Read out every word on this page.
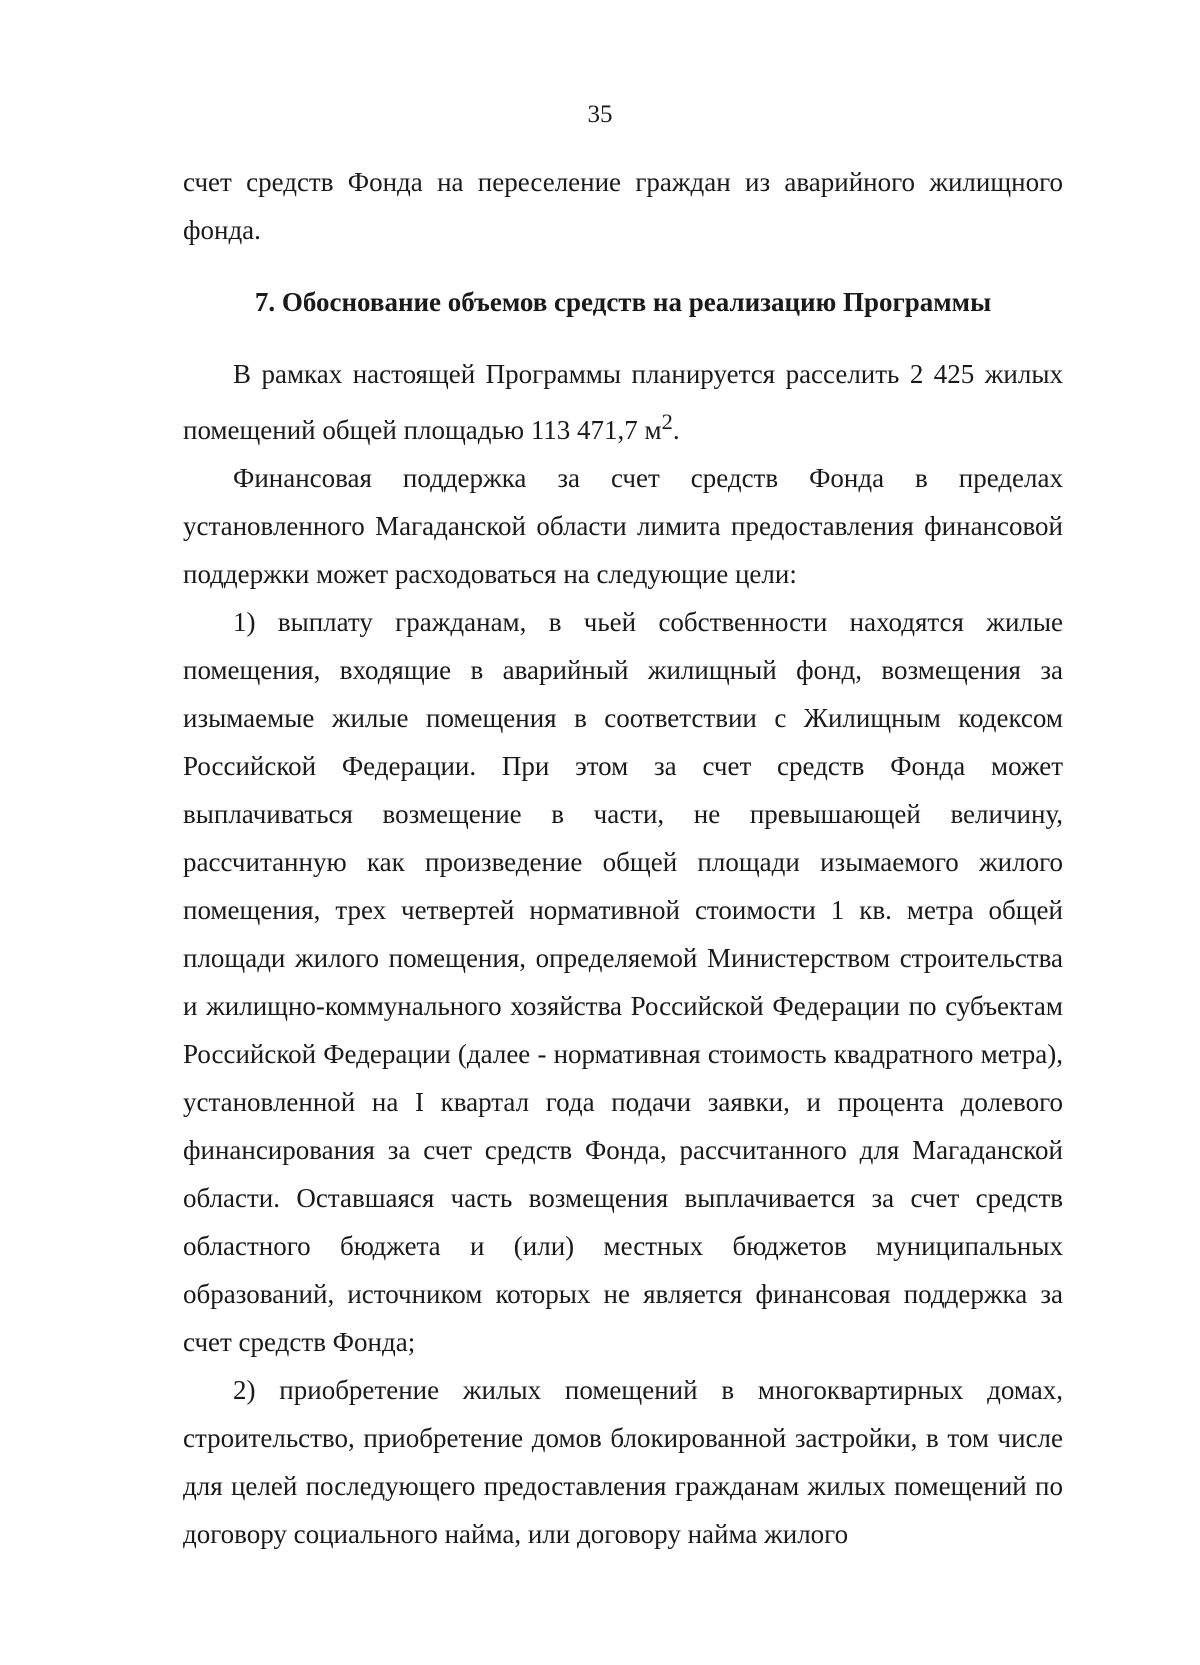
35
счет средств Фонда на переселение граждан из аварийного жилищного фонда.
7. Обоснование объемов средств на реализацию Программы

В рамках настоящей Программы планируется расселить 2 425 жилых помещений общей площадью 113 471,7 $м^2$.

Финансовая поддержка за счет средств Фонда в пределах установленного Магаданской области лимита предоставления финансовой поддержки может расходоваться на следующие цели:

1) выплату гражданам, в чьей собственности находятся жилые помещения, входящие в аварийный жилищный фонд, возмещения за изымаемые жилые помещения в соответствии с Жилищным кодексом Российской Федерации. При этом за счет средств Фонда может выплачиваться возмещение в части, не превышающей величину, рассчитанную как произведение общей площади изымаемого жилого помещения, трех четвертей нормативной стоимости 1 кв. метра общей площади жилого помещения, определяемой Министерством строительства и жилищно-коммунального хозяйства Российской Федерации по субъектам Российской Федерации (далее - нормативная стоимость квадратного метра), установленной на I квартал года подачи заявки, и процента долевого финансирования за счет средств Фонда, рассчитанного для Магаданской области. Оставшаяся часть возмещения выплачивается за счет средств областного бюджета и (или) местных бюджетов муниципальных образований, источником которых не является финансовая поддержка за счет средств Фонда;

2) приобретение жилых помещений в многоквартирных домах, строительство, приобретение домов блокированной застройки, в том числе для целей последующего предоставления гражданам жилых помещений по договору социального найма, или договору найма жилого
